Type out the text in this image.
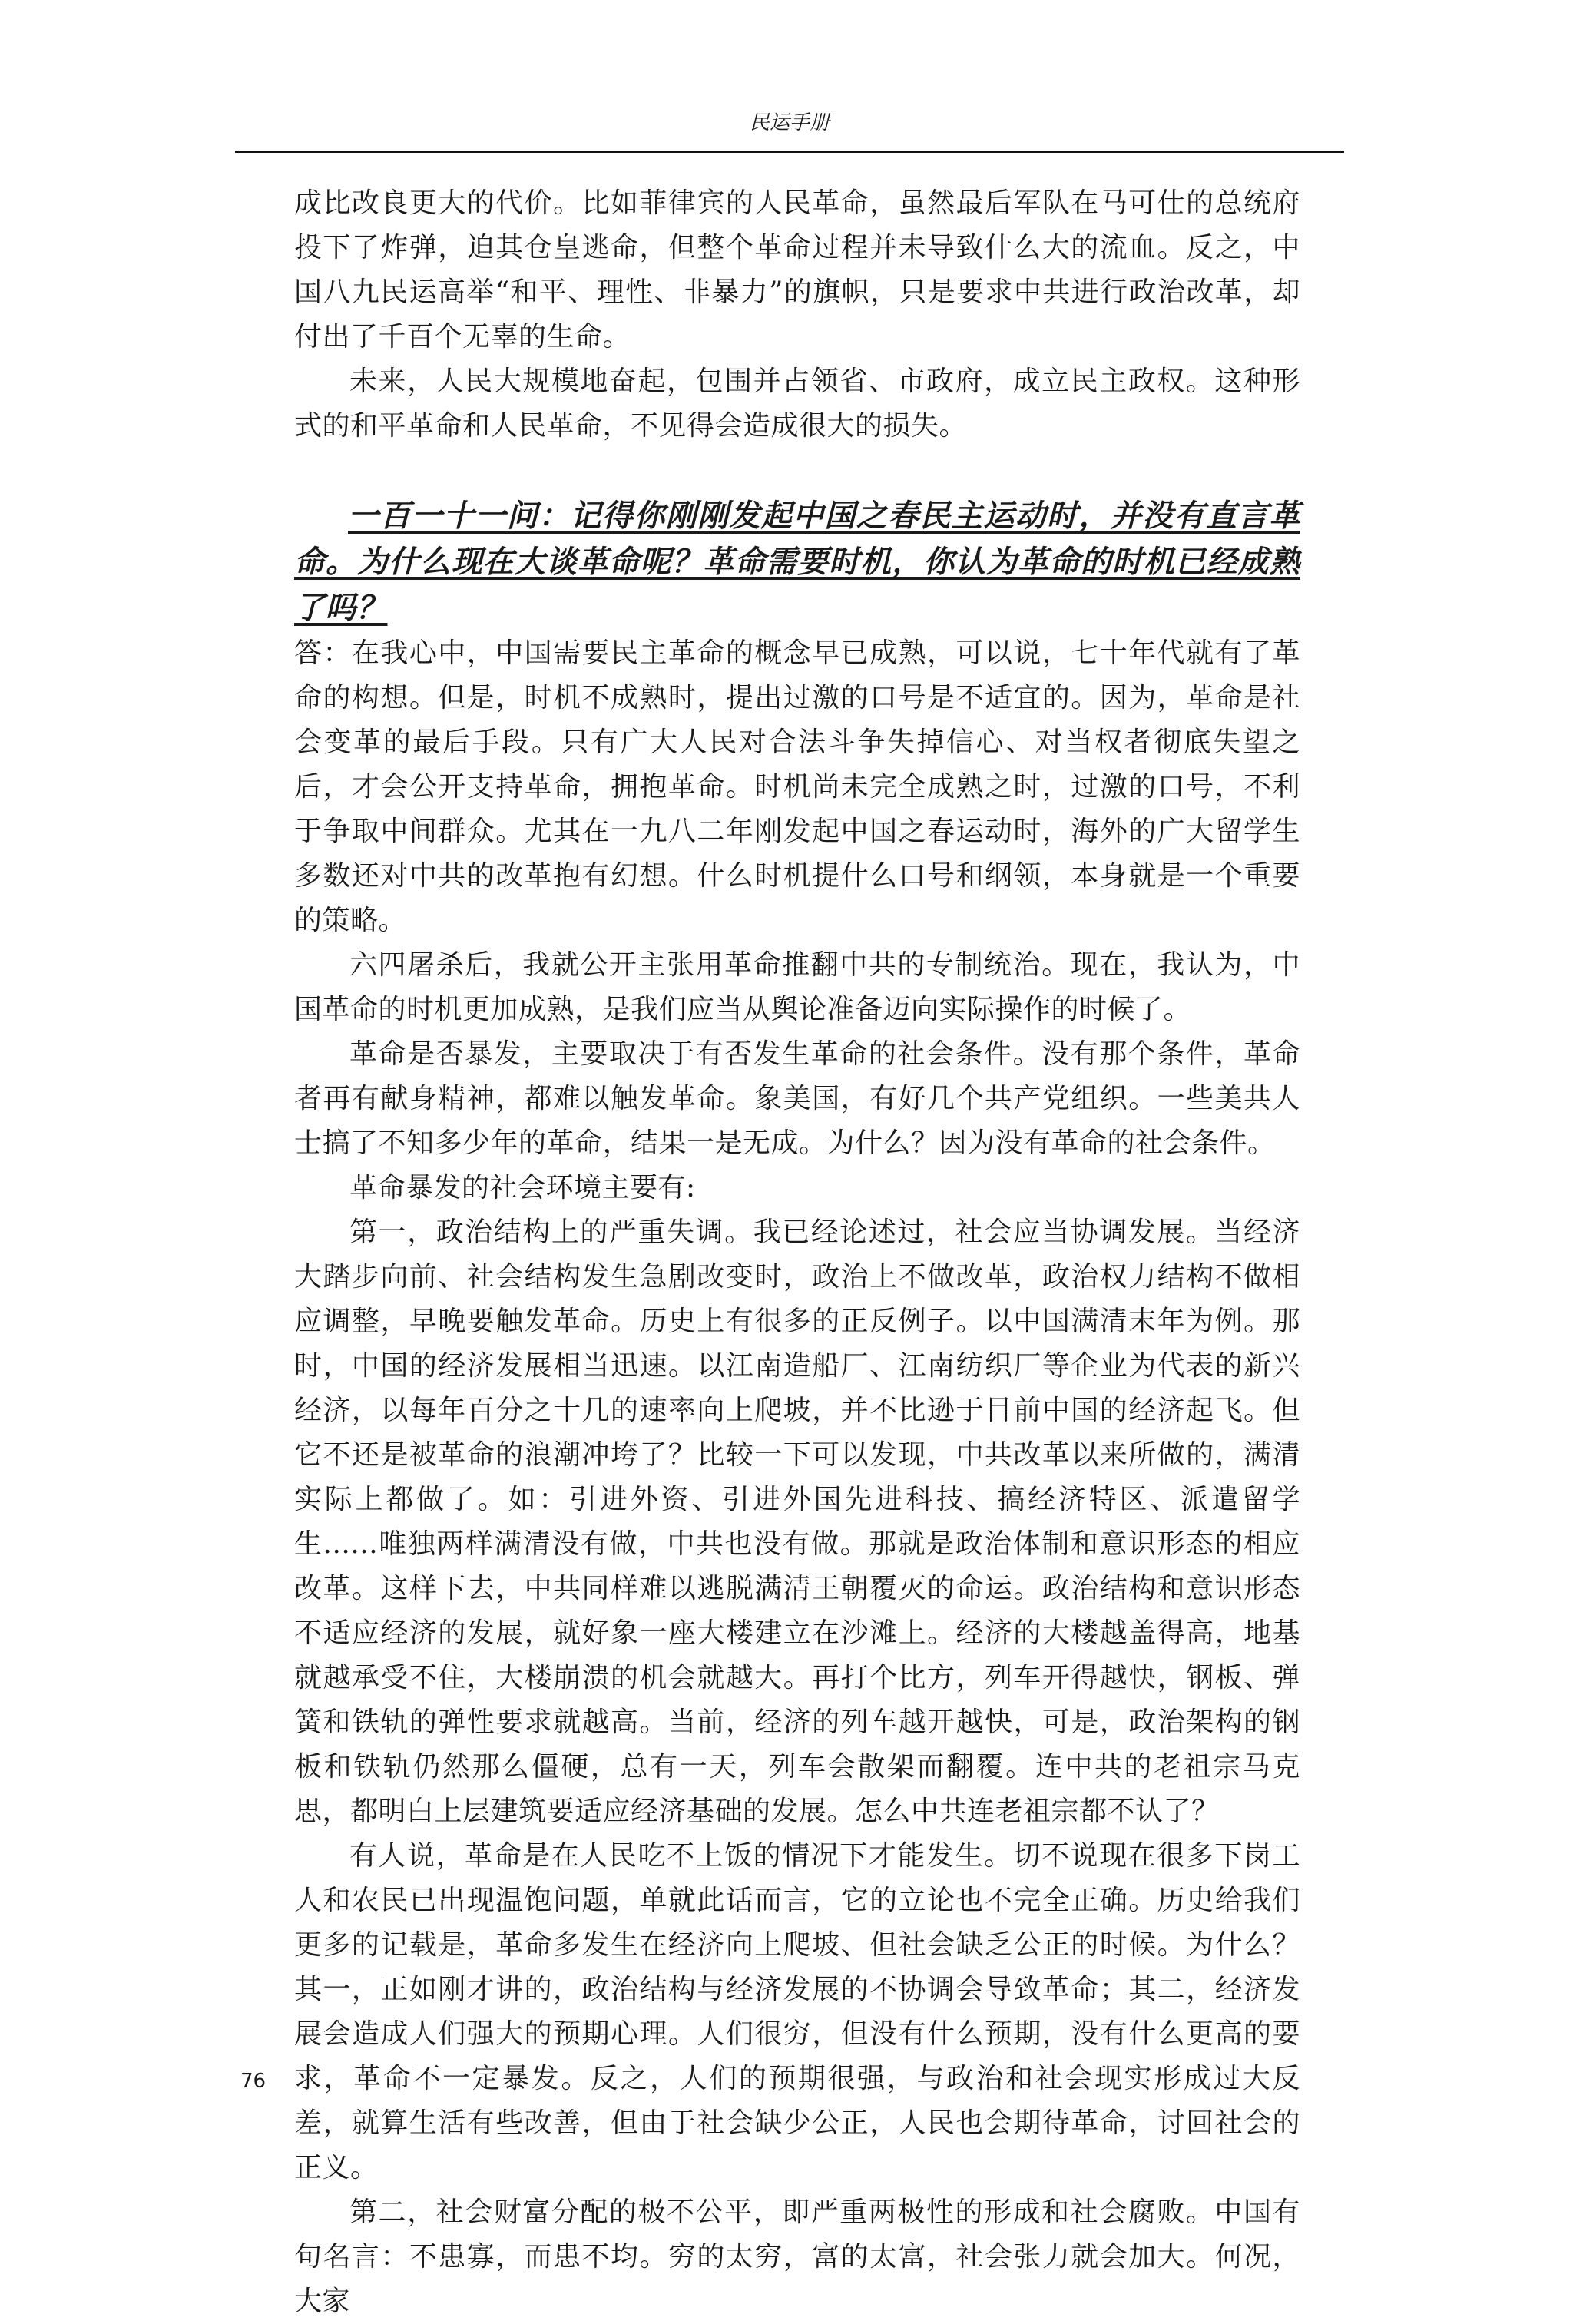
民运手册

成比改良更大的代价。比如菲律宾的人民革命，虽然最后军队在马可仕的总统府投下了炸弹，迫其仓皇逃命，但整个革命过程并未导致什么大的流血。反之，中国八九民运高举“和平、理性、非暴力”的旗帜，只是要求中共进行政治改革，却付出了千百个无辜的生命。

未来，人民大规模地奋起，包围并占领省、市政府，成立民主政权。这种形式的和平革命和人民革命，不见得会造成很大的损失。

一百一十一问：记得你刚刚发起中国之春民主运动时，并没有直言革命。为什么现在大谈革命呢？革命需要时机，你认为革命的时机已经成熟了吗？

答：在我心中，中国需要民主革命的概念早已成熟，可以说，七十年代就有了革命的构想。但是，时机不成熟时，提出过激的口号是不适宜的。因为，革命是社会变革的最后手段。只有广大人民对合法斗争失掉信心、对当权者彻底失望之后，才会公开支持革命，拥抱革命。时机尚未完全成熟之时，过激的口号，不利于争取中间群众。尤其在一九八二年刚发起中国之春运动时，海外的广大留学生多数还对中共的改革抱有幻想。什么时机提什么口号和纲领，本身就是一个重要的策略。

六四屠杀后，我就公开主张用革命推翻中共的专制统治。现在，我认为，中国革命的时机更加成熟，是我们应当从舆论准备迈向实际操作的时候了。

革命是否暴发，主要取决于有否发生革命的社会条件。没有那个条件，革命者再有献身精神，都难以触发革命。象美国，有好几个共产党组织。一些美共人士搞了不知多少年的革命，结果一是无成。为什么？因为没有革命的社会条件。

革命暴发的社会环境主要有:

第一，政治结构上的严重失调。我已经论述过，社会应当协调发展。当经济大踏步向前、社会结构发生急剧改变时，政治上不做改革，政治权力结构不做相应调整，早晚要触发革命。历史上有很多的正反例子。以中国满清末年为例。那时，中国的经济发展相当迅速。以江南造船厂、江南纺织厂等企业为代表的新兴经济，以每年百分之十几的速率向上爬坡，并不比逊于目前中国的经济起飞。但它不还是被革命的浪潮冲垮了？比较一下可以发现，中共改革以来所做的，满清实际上都做了。如：引进外资、引进外国先进科技、搞经济特区、派遣留学生......唯独两样满清没有做，中共也没有做。那就是政治体制和意识形态的相应改革。这样下去，中共同样难以逃脱满清王朝覆灭的命运。政治结构和意识形态不适应经济的发展，就好象一座大楼建立在沙滩上。经济的大楼越盖得高，地基就越承受不住，大楼崩溃的机会就越大。再打个比方，列车开得越快，钢板、弹簧和铁轨的弹性要求就越高。当前，经济的列车越开越快，可是，政治架构的钢板和铁轨仍然那么僵硬，总有一天，列车会散架而翻覆。连中共的老祖宗马克思，都明白上层建筑要适应经济基础的发展。怎么中共连老祖宗都不认了？

有人说，革命是在人民吃不上饭的情况下才能发生。切不说现在很多下岗工人和农民已出现温饱问题，单就此话而言，它的立论也不完全正确。历史给我们更多的记载是，革命多发生在经济向上爬坡、但社会缺乏公正的时候。为什么？其一，正如刚才讲的，政治结构与经济发展的不协调会导致革命；其二，经济发展会造成人们强大的预期心理。人们很穷，但没有什么预期，没有什么更高的要求，革命不一定暴发。反之，人们的预期很强，与政治和社会现实形成过大反差，就算生活有些改善，但由于社会缺少公正，人民也会期待革命，讨回社会的正义。

第二，社会财富分配的极不公平，即严重两极性的形成和社会腐败。中国有句名言：不患寡，而患不均。穷的太穷，富的太富，社会张力就会加大。何况，大家

76
